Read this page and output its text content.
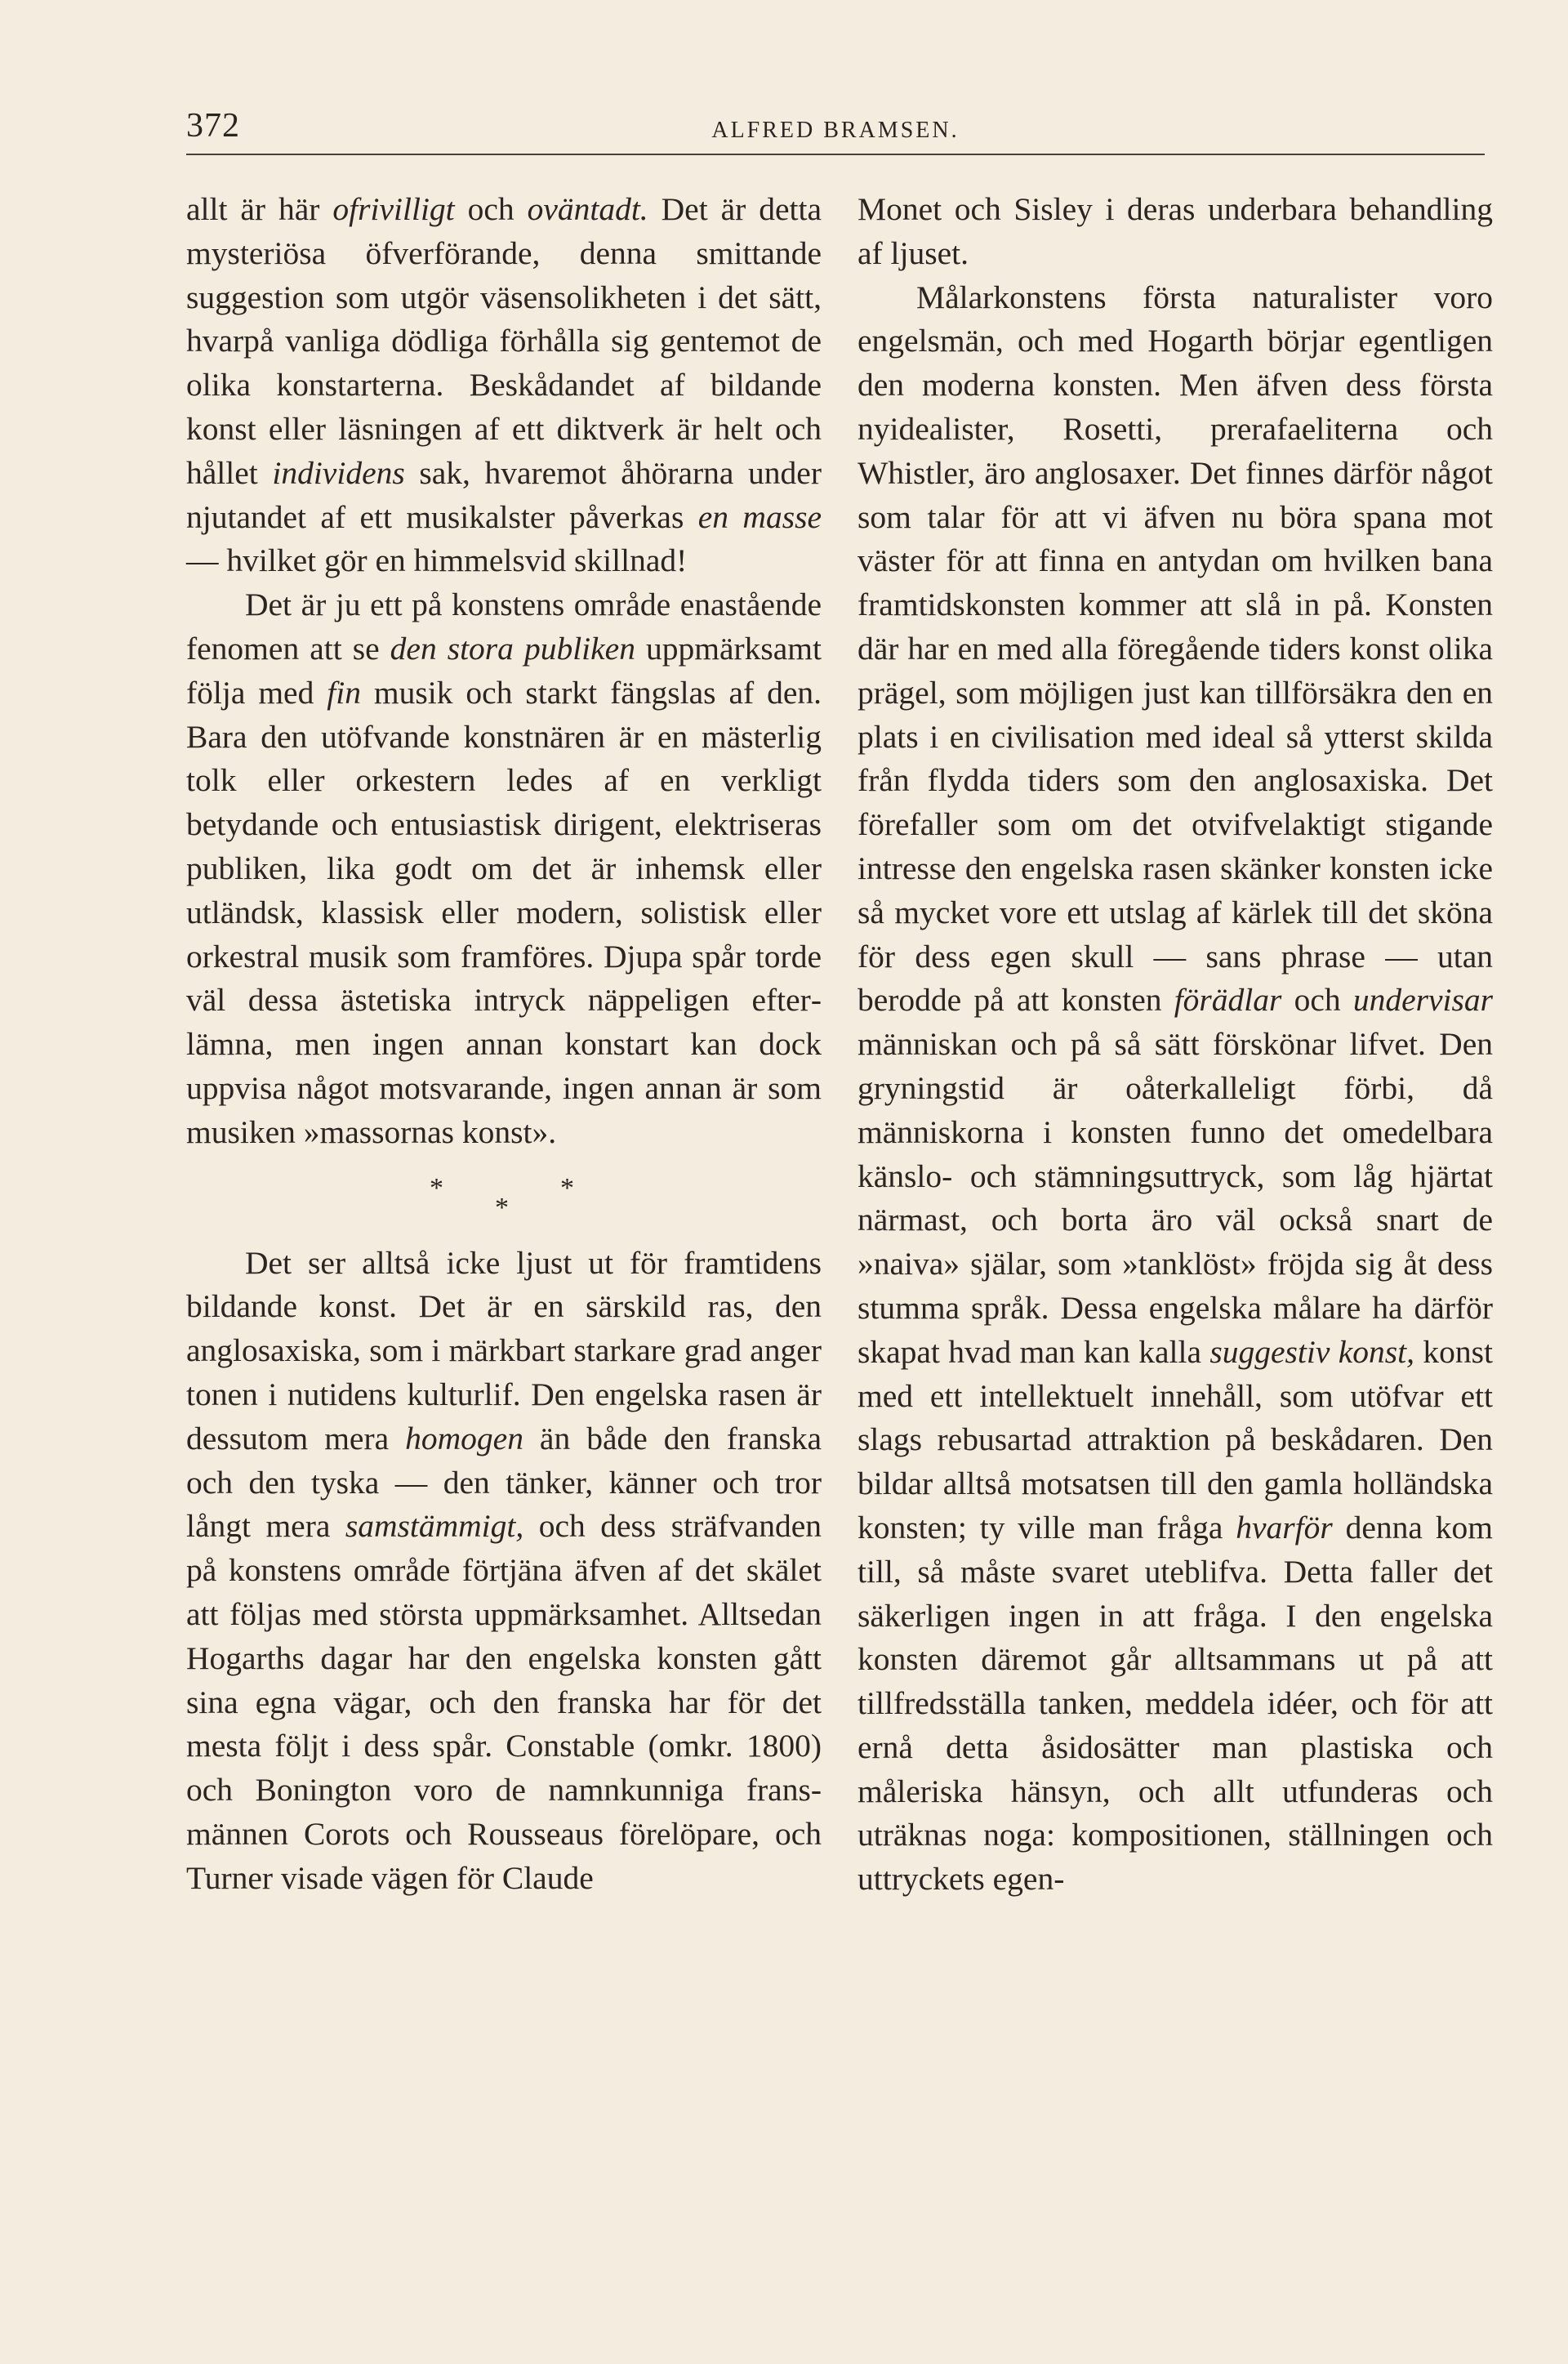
372	ALFRED BRAMSEN.

allt är här ofrivilligt och oväntadt. Det är detta mysteriösa öfverförande, denna smittande suggestion som utgör väsensolikheten i det sätt, hvarpå vanliga dödliga förhålla sig gentemot de olika konstarterna. Beskådandet af bildande konst eller läsningen af ett diktverk är helt och hållet individens sak, hvaremot åhörarna under njutandet af ett musikalster påverkas en masse — hvilket gör en himmelsvid skillnad!

Det är ju ett på konstens område enastående fenomen att se den stora publiken uppmärksamt följa med fin musik och starkt fängslas af den. Bara den utöfvande konstnären är en mästerlig tolk eller orkestern ledes af en verkligt betydande och entusiastisk dirigent, elektriseras publiken, lika godt om det är inhemsk eller utländsk, klassisk eller modern, solistisk eller orkestral musik som framföres. Djupa spår torde väl dessa ästetiska intryck näppeligen efterlämna, men ingen annan konstart kan dock uppvisa något motsvarande, ingen annan är som musiken »massornas konst».

*
*
*

Det ser alltså icke ljust ut för framtidens bildande konst. Det är en särskild ras, den anglosaxiska, som i märkbart starkare grad anger tonen i nutidens kulturlif. Den engelska rasen är dessutom mera homogen än både den franska och den tyska — den tänker, känner och tror långt mera samstämmigt, och dess sträfvanden på konstens område förtjäna äfven af det skälet att följas med största uppmärksamhet. Alltsedan Hogarths dagar har den engelska konsten gått sina egna vägar, och den franska har för det mesta följt i dess spår. Constable (omkr. 1800) och Bonington voro de namnkunniga fransmännen Corots och Rousseaus förelöpare, och Turner visade vägen för Claude

Monet och Sisley i deras underbara behandling af ljuset.

Målarkonstens första naturalister voro engelsmän, och med Hogarth börjar egentligen den moderna konsten. Men äfven dess första nyidealister, Rosetti, prerafaeliterna och Whistler, äro anglosaxer. Det finnes därför något som talar för att vi äfven nu böra spana mot väster för att finna en antydan om hvilken bana framtidskonsten kommer att slå in på. Konsten där har en med alla föregående tiders konst olika prägel, som möjligen just kan tillförsäkra den en plats i en civilisation med ideal så ytterst skilda från flydda tiders som den anglosaxiska. Det förefaller som om det otvifvelaktigt stigande intresse den engelska rasen skänker konsten icke så mycket vore ett utslag af kärlek till det sköna för dess egen skull — sans phrase — utan berodde på att konsten förädlar och undervisar människan och på så sätt förskönar lifvet. Den gryningstid är oåterkalleligt förbi, då människorna i konsten funno det omedelbara känslo- och stämningsuttryck, som låg hjärtat närmast, och borta äro väl också snart de »naiva» själar, som »tanklöst» fröjda sig åt dess stumma språk. Dessa engelska målare ha därför skapat hvad man kan kalla suggestiv konst, konst med ett intellektuelt innehåll, som utöfvar ett slags rebusartad attraktion på beskådaren. Den bildar alltså motsatsen till den gamla holländska konsten; ty ville man fråga hvarför denna kom till, så måste svaret uteblifva. Detta faller det säkerligen ingen in att fråga. I den engelska konsten däremot går alltsammans ut på att tillfredsställa tanken, meddela idéer, och för att ernå detta åsidosätter man plastiska och måleriska hänsyn, och allt utfunderas och uträknas noga: kompositionen, ställningen och uttryckets egen-
